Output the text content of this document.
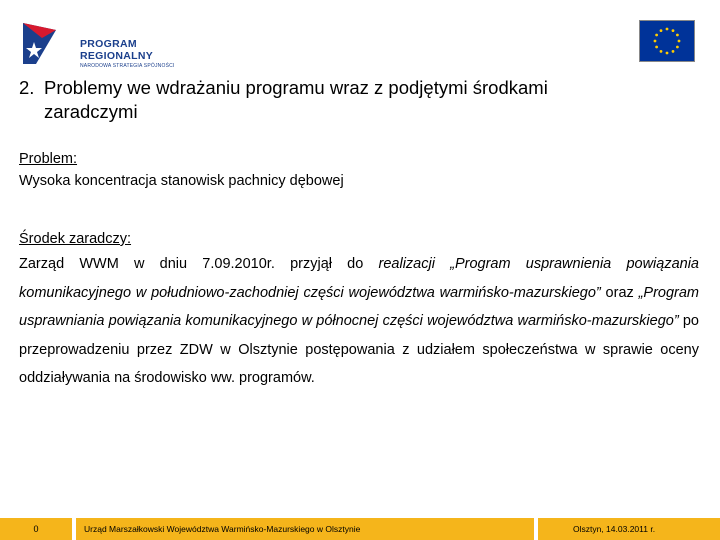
PROGRAM REGIONALNY
NARODOWA STRATEGIA SPÓJNOŚCI
2. Problemy we wdrażaniu programu wraz z podjętymi środkami
zaradczymi
Problem:
Wysoka koncentracja stanowisk pachnicy dębowej
Środek zaradczy:

Zarząd WWM w dniu 7.09.2010r. przyjął do realizacji „Program usprawnienia powiązania komunikacyjnego w południowo-zachodniej części województwa warmińsko-mazurskiego” oraz „Program usprawniania powiązania komunikacyjnego w północnej części województwa warmińsko-mazurskiego” po przeprowadzeniu przez ZDW w Olsztynie postępowania z udziałem społeczeństwa w sprawie oceny oddziaływania na środowisko ww. programów.

0	Urząd Marszałkowski Województwa Warmińsko-Mazurskiego w Olsztynie	Olsztyn, 14.03.2011 r.
